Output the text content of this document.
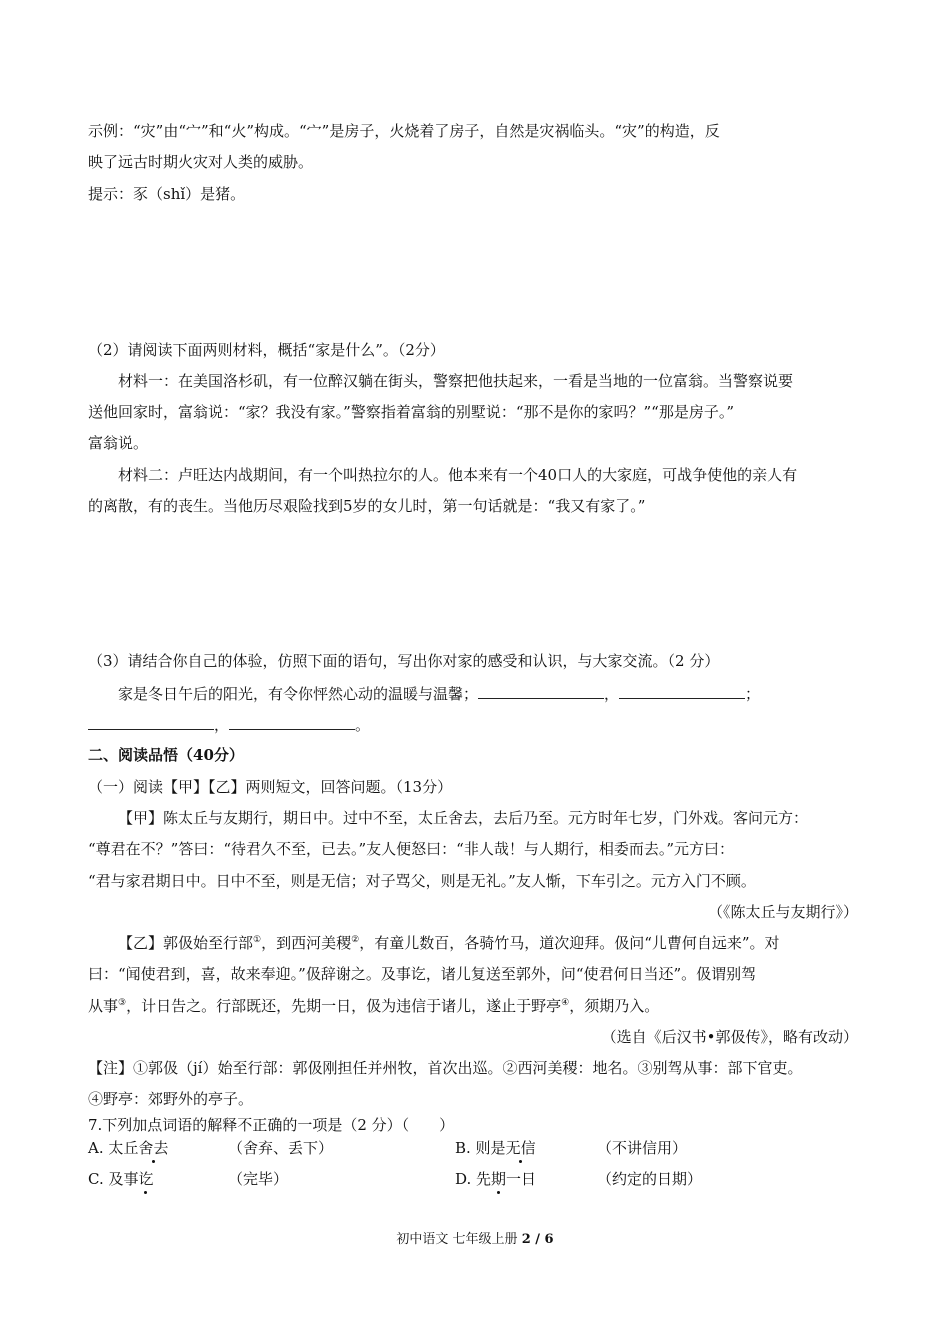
示例：“灾”由“宀”和“火”构成。“宀”是房子，火烧着了房子，自然是灾祸临头。“灾”的构造，反
映了远古时期火灾对人类的威胁。
提示：豕（shǐ）是猪。
（2）请阅读下面两则材料，概括“家是什么”。（2分）
材料一：在美国洛杉矶，有一位醉汉躺在街头，警察把他扶起来，一看是当地的一位富翁。当警察说要
送他回家时，富翁说：“家？我没有家。”警察指着富翁的别墅说：“那不是你的家吗？”“那是房子。”
富翁说。
材料二：卢旺达内战期间，有一个叫热拉尔的人。他本来有一个40口人的大家庭，可战争使他的亲人有
的离散，有的丧生。当他历尽艰险找到5岁的女儿时，第一句话就是：“我又有家了。”
（3）请结合你自己的体验，仿照下面的语句，写出你对家的感受和认识，与大家交流。（2 分）
家是冬日午后的阳光，有令你怦然心动的温暖与温馨；	，	；
，	。
二、阅读品悟（40分）
（一）阅读【甲】【乙】两则短文，回答问题。（13分）
【甲】陈太丘与友期行，期日中。过中不至，太丘舍去，去后乃至。元方时年七岁，门外戏。客问元方：
“尊君在不？”答曰：“待君久不至，已去。”友人便怒曰：“非人哉！与人期行，相委而去。”元方曰：
“君与家君期日中。日中不至，则是无信；对子骂父，则是无礼。”友人惭，下车引之。元方入门不顾。
（《陈太丘与友期行》）
【乙】郭伋始至行部①，到西河美稷②，有童儿数百，各骑竹马，道次迎拜。伋问“儿曹何自远来”。对
曰：“闻使君到，喜，故来奉迎。”伋辞谢之。及事讫，诸儿复送至郭外，问“使君何日当还”。伋谓别驾
从事③，计日告之。行部既还，先期一日，伋为违信于诸儿，遂止于野亭④，须期乃入。
（选自《后汉书•郭伋传》，略有改动）
【注】①郭伋（jí）始至行部：郭伋刚担任并州牧，首次出巡。②西河美稷：地名。③别驾从事：部下官吏。
④野亭：郊野外的亭子。
7.下列加点词语的解释不正确的一项是（2 分）（　　）
A. 太丘舍去	（舍弃、丢下）	B. 则是无信	（不讲信用）
C. 及事讫	（完毕）	D. 先期一日	（约定的日期）
初中语文 七年级上册 2 / 6
